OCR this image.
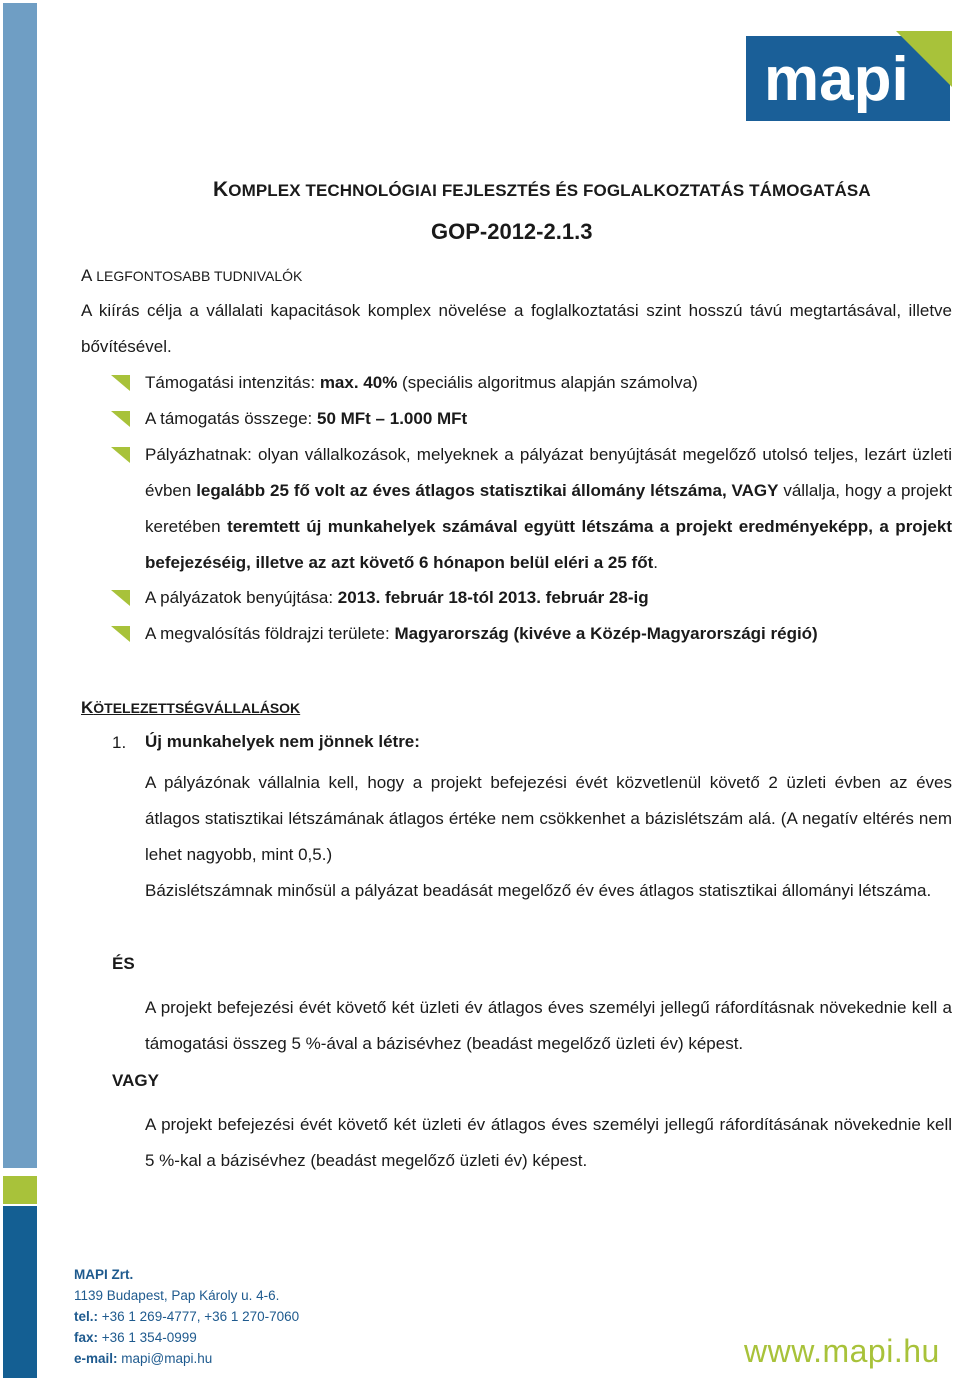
mapi
KOMPLEX TECHNOLÓGIAI FEJLESZTÉS ÉS FOGLALKOZTATÁS TÁMOGATÁSA
GOP-2012-2.1.3
A LEGFONTOSABB TUDNIVALÓK
A kiírás célja a vállalati kapacitások komplex növelése a foglalkoztatási szint hosszú távú megtartásával, illetve bővítésével.
Támogatási intenzitás: max. 40% (speciális algoritmus alapján számolva)
A támogatás összege: 50 MFt – 1.000 MFt
Pályázhatnak: olyan vállalkozások, melyeknek a pályázat benyújtását megelőző utolsó teljes, lezárt üzleti évben legalább 25 fő volt az éves átlagos statisztikai állomány létszáma, VAGY vállalja, hogy a projekt keretében teremtett új munkahelyek számával együtt létszáma a projekt eredményeképp, a projekt befejezéséig, illetve az azt követő 6 hónapon belül eléri a 25 főt.
A pályázatok benyújtása: 2013. február 18-tól 2013. február 28-ig
A megvalósítás földrajzi területe: Magyarország (kivéve a Közép-Magyarországi régió)
KÖTELEZETTSÉGVÁLLALÁSOK
1. Új munkahelyek nem jönnek létre:
A pályázónak vállalnia kell, hogy a projekt befejezési évét közvetlenül követő 2 üzleti évben az éves átlagos statisztikai létszámának átlagos értéke nem csökkenhet a bázislétszám alá. (A negatív eltérés nem lehet nagyobb, mint 0,5.)
Bázislétszámnak minősül a pályázat beadását megelőző év éves átlagos statisztikai állományi létszáma.
ÉS
A projekt befejezési évét követő két üzleti év átlagos éves személyi jellegű ráfordításnak növekednie kell a támogatási összeg 5 %-ával a bázisévhez (beadást megelőző üzleti év) képest.
VAGY
A projekt befejezési évét követő két üzleti év átlagos éves személyi jellegű ráfordításának növekednie kell 5 %-kal a bázisévhez (beadást megelőző üzleti év) képest.
MAPI Zrt.
1139 Budapest, Pap Károly u. 4-6.
tel.: +36 1 269-4777, +36 1 270-7060
fax: +36 1 354-0999
e-mail: mapi@mapi.hu	www.mapi.hu
